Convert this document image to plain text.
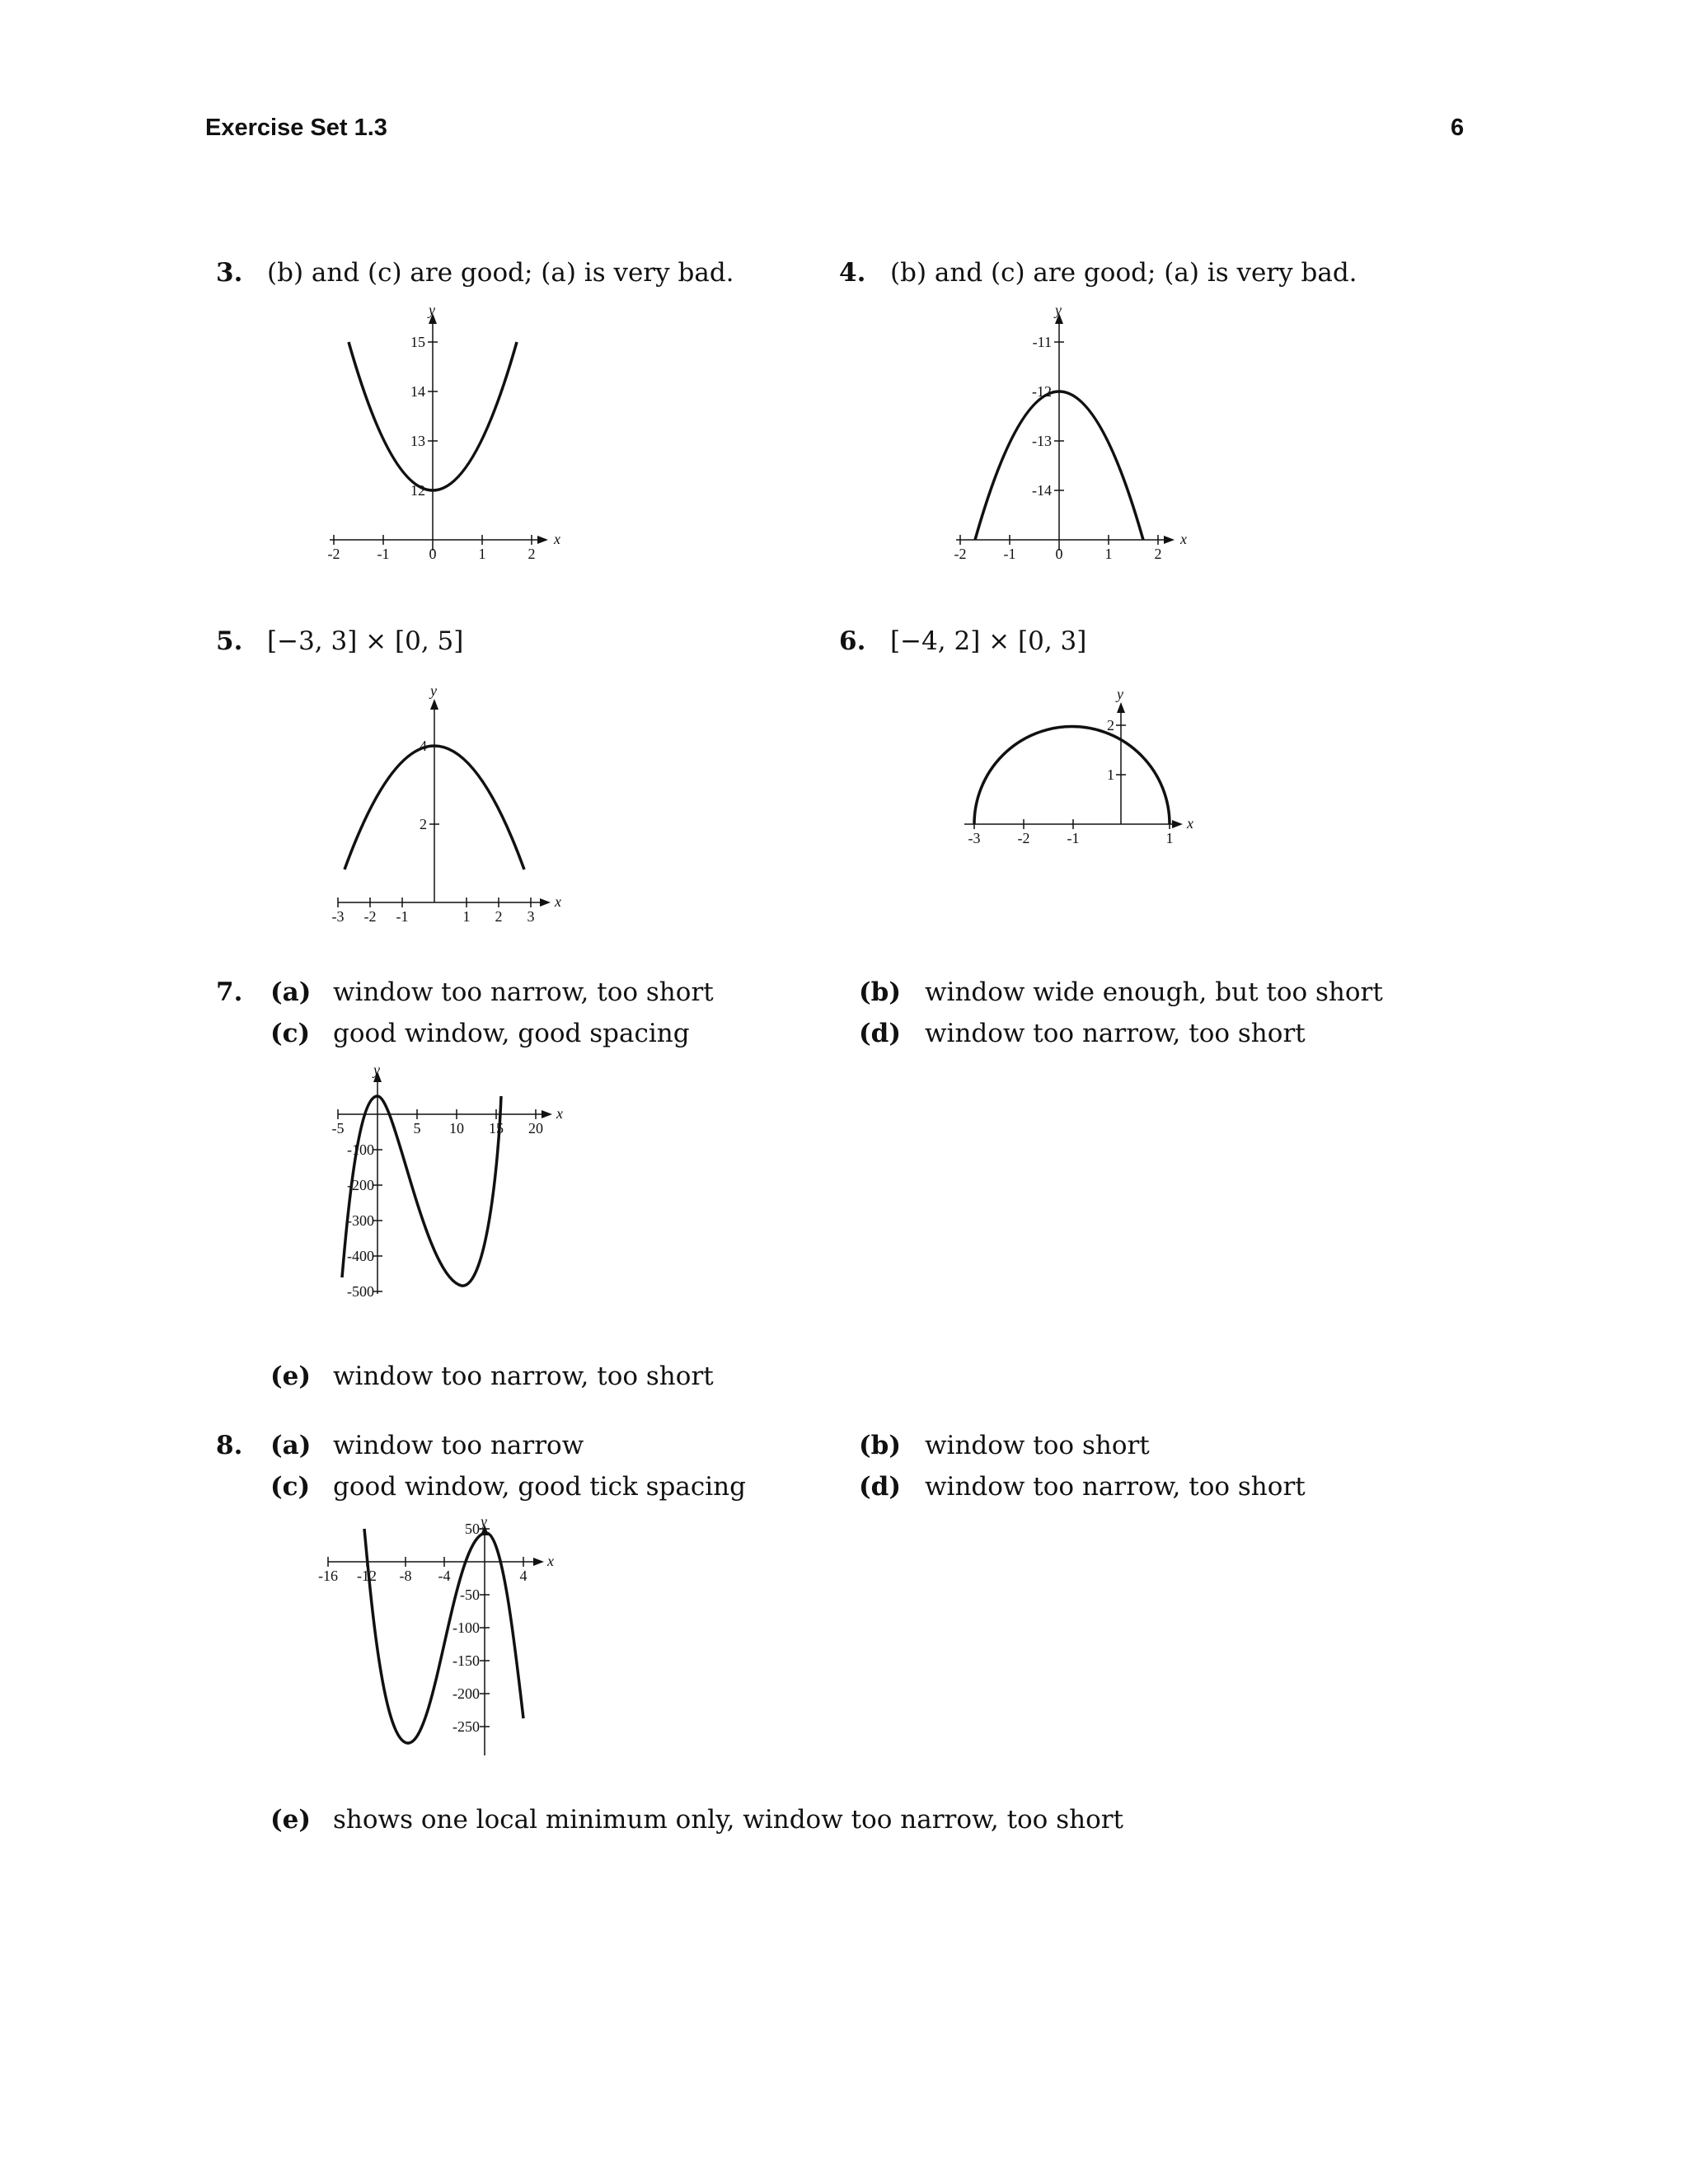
Exercise Set 1.3	6
3. (b) and (c) are good; (a) is very bad.	4. (b) and (c) are good; (a) is very bad.
-2	-1	0	1	2
12
13
14
15
x
y
-2	-1	0	1	2
-11
-12
-13
-14
x
y
5. [−3, 3] × [0, 5]	6. [−4, 2] × [0, 3]
-3 -2 -1	1 2 3
2
4
x
y
-3	-2	-1	1
1
2
x
y
7. (a) window too narrow, too short	(b) window wide enough, but too short
(c) good window, good spacing	(d) window too narrow, too short
-5	5 10 15 20
-100
-200
-300
-400
-500
x
y
(e) window too narrow, too short
8. (a) window too narrow	(b) window too short
(c) good window, good tick spacing	(d) window too narrow, too short
-16 -12 -8 -4	4
50
-50
-100
-150
-200
-250
x
y
(e) shows one local minimum only, window too narrow, too short
